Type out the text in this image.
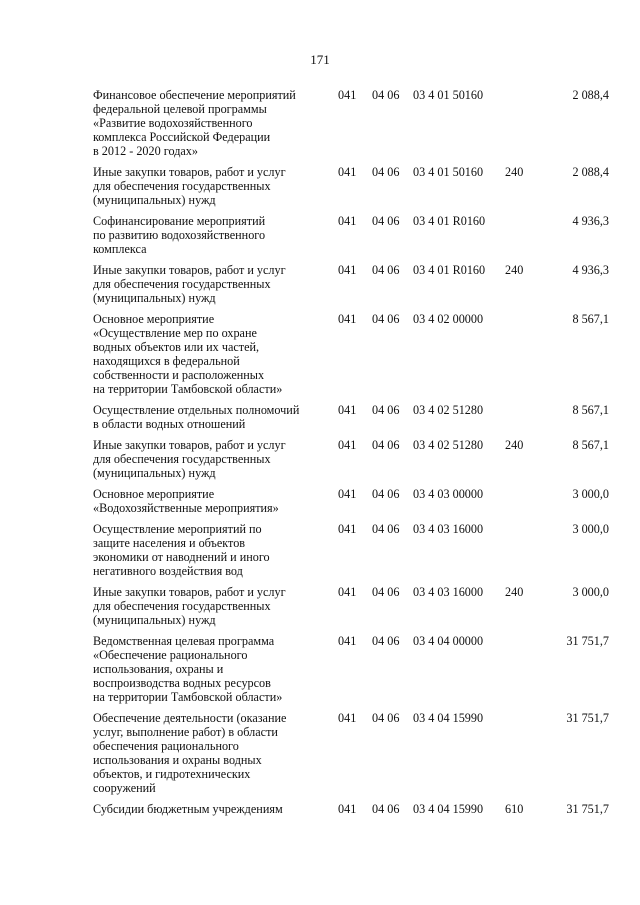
171
Финансовое обеспечение мероприятий
федеральной целевой программы
«Развитие водохозяйственного
комплекса Российской Федерации
в 2012 - 2020 годах»
041 04 06 03 4 01 50160	2 088,4
Иные закупки товаров, работ и услуг
для обеспечения государственных
(муниципальных) нужд
041 04 06 03 4 01 50160 240	2 088,4
Софинансирование мероприятий
по развитию водохозяйственного
комплекса
041 04 06 03 4 01 R0160	4 936,3
Иные закупки товаров, работ и услуг
для обеспечения государственных
(муниципальных) нужд
041 04 06 03 4 01 R0160 240	4 936,3
Основное мероприятие
«Осуществление мер по охране
водных объектов или их частей,
находящихся в федеральной
собственности и расположенных
на территории Тамбовской области»
041 04 06 03 4 02 00000	8 567,1
Осуществление отдельных полномочий
в области водных отношений
041 04 06 03 4 02 51280	8 567,1
Иные закупки товаров, работ и услуг
для обеспечения государственных
(муниципальных) нужд
041 04 06 03 4 02 51280 240	8 567,1
Основное мероприятие
«Водохозяйственные мероприятия»
041 04 06 03 4 03 00000	3 000,0
Осуществление мероприятий по
защите населения и объектов
экономики от наводнений и иного
негативного воздействия вод
041 04 06 03 4 03 16000	3 000,0
Иные закупки товаров, работ и услуг
для обеспечения государственных
(муниципальных) нужд
041 04 06 03 4 03 16000 240	3 000,0
Ведомственная целевая программа
«Обеспечение рационального
использования, охраны и
воспроизводства водных ресурсов
на территории Тамбовской области»
041 04 06 03 4 04 00000	31 751,7
Обеспечение деятельности (оказание
услуг, выполнение работ) в области
обеспечения рационального
использования и охраны водных
объектов, и гидротехнических
сооружений
041 04 06 03 4 04 15990	31 751,7
Субсидии бюджетным учреждениям	041 04 06 03 4 04 15990 610	31 751,7
